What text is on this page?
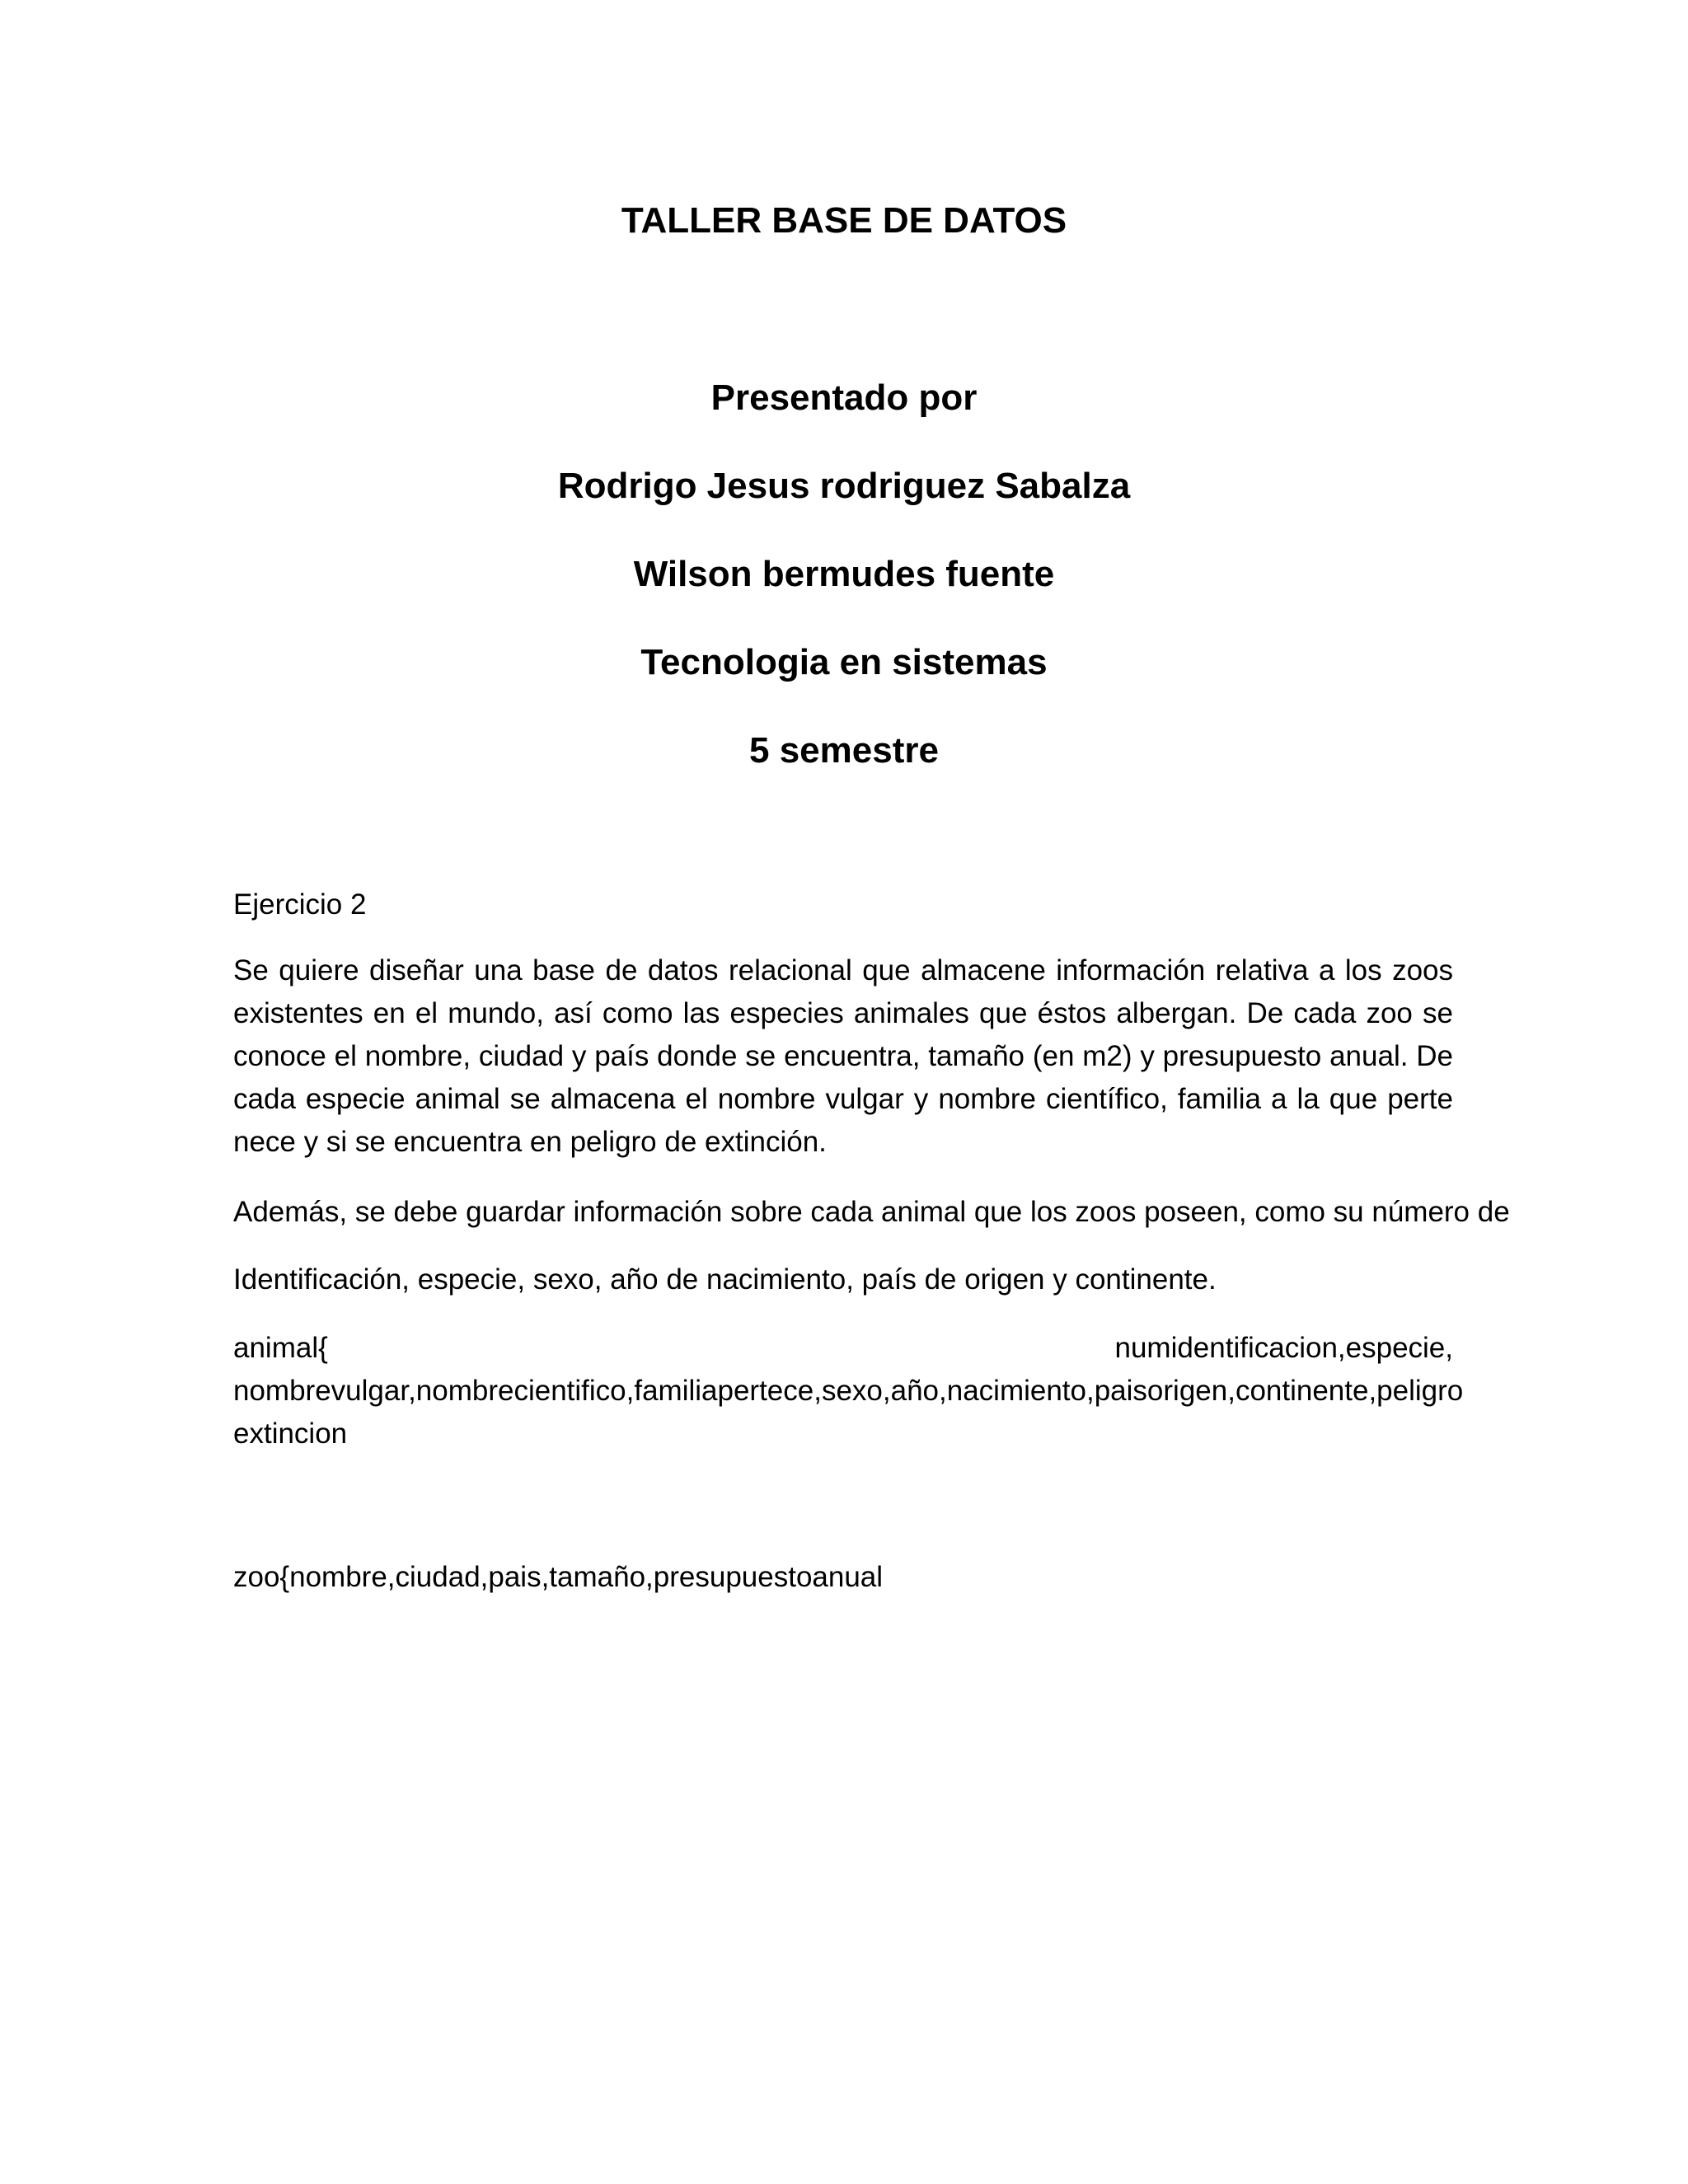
TALLER BASE DE DATOS
Presentado por
Rodrigo Jesus rodriguez Sabalza
Wilson bermudes fuente
Tecnologia en sistemas
5 semestre
Ejercicio 2

Se quiere diseñar una base de datos relacional que almacene información relativa a los zoos existentes en el mundo, así como las especies animales que éstos albergan. De cada zoo se conoce el nombre, ciudad y país donde se encuentra, tamaño (en m2) y presupuesto anual. De cada especie animal se almacena el nombre vulgar y nombre científico, familia a la que perte nece y si se encuentra en peligro de extinción.

Además, se debe guardar información sobre cada animal que los zoos poseen, como su número de
Identificación, especie, sexo, año de nacimiento, país de origen y continente.
animal{	numidentificacion,especie,
nombrevulgar,nombrecientifico,familiapertece,sexo,año,nacimiento,paisorigen,continente,peligro
extincion
zoo{nombre,ciudad,pais,tamaño,presupuestoanual
